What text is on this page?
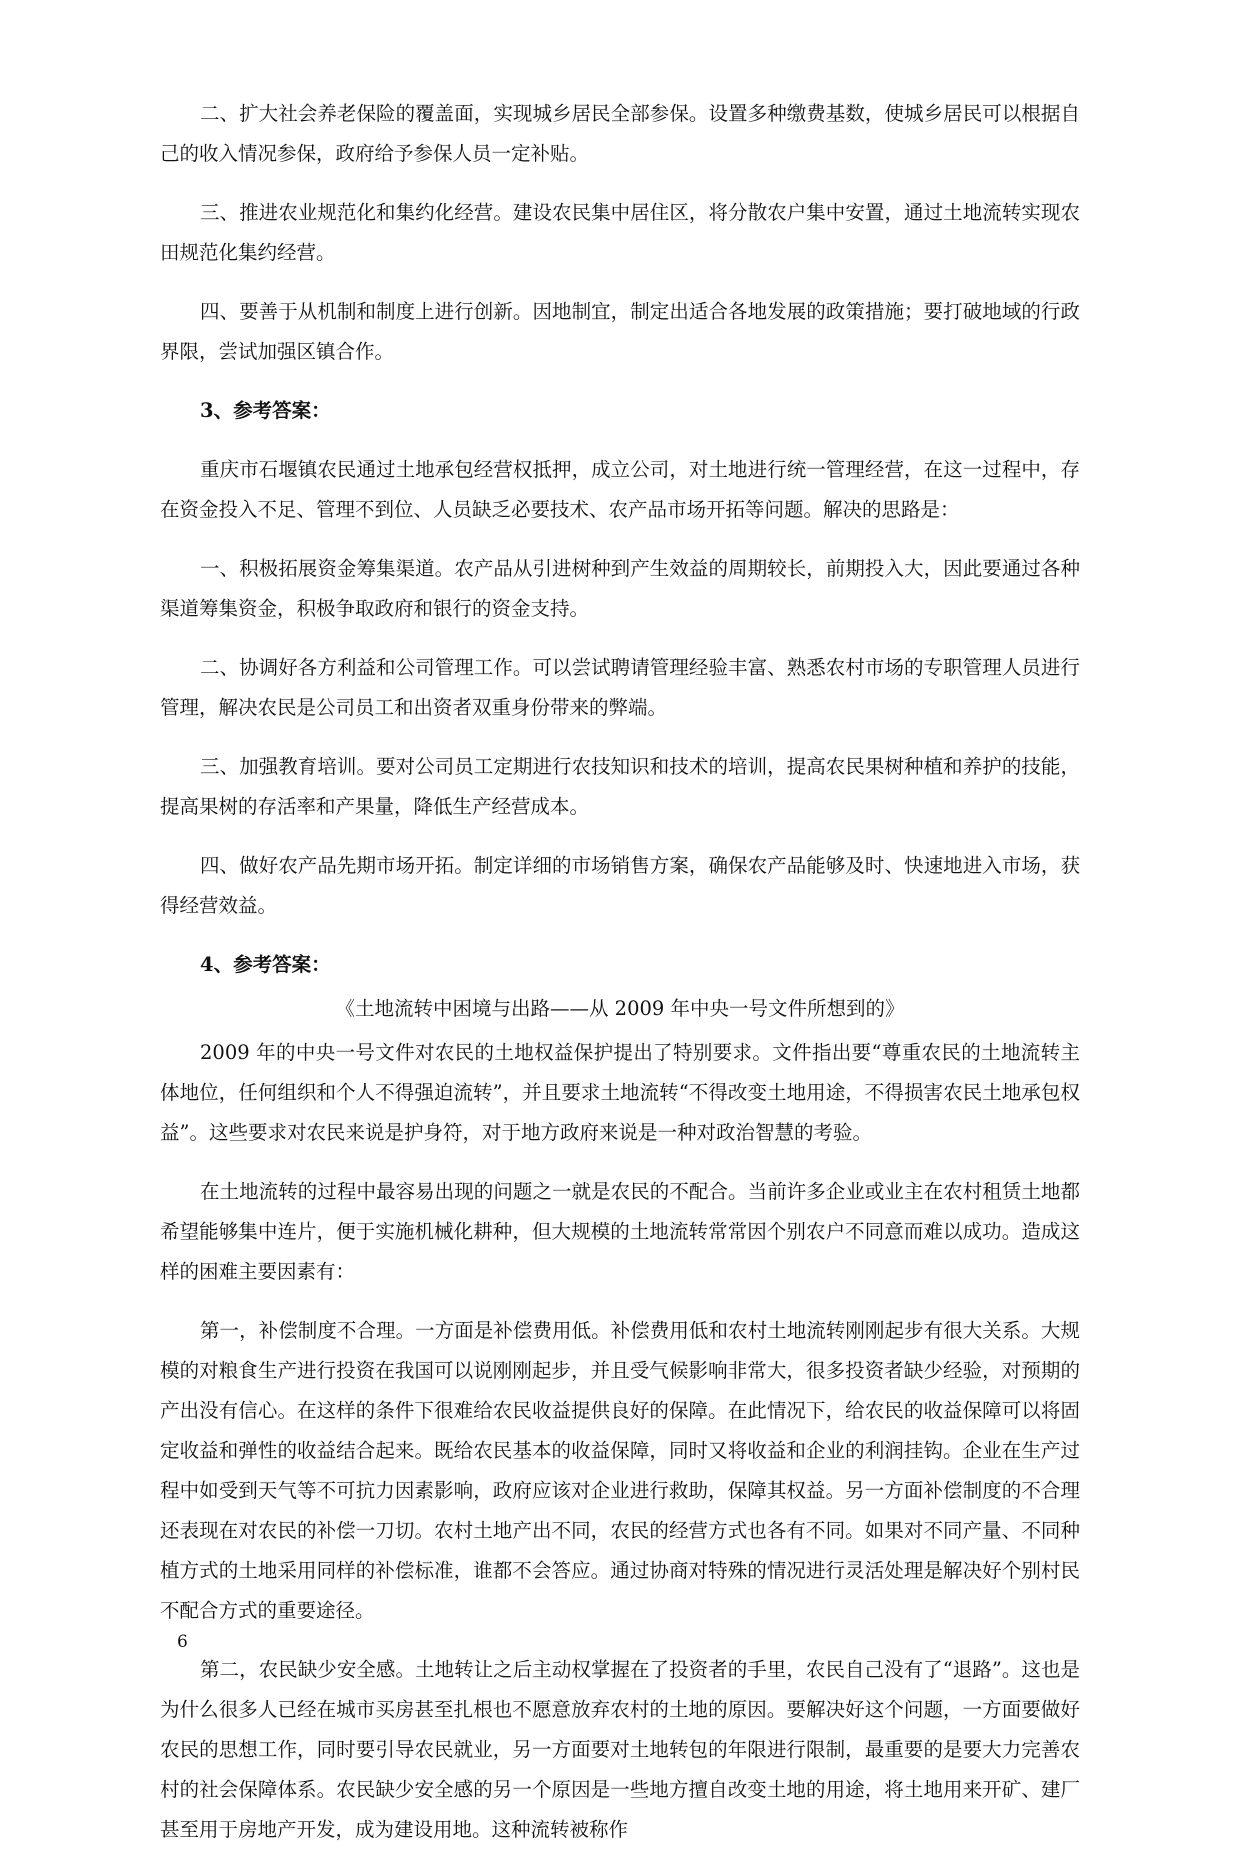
二、扩大社会养老保险的覆盖面，实现城乡居民全部参保。设置多种缴费基数，使城乡居民可以根据自己的收入情况参保，政府给予参保人员一定补贴。

三、推进农业规范化和集约化经营。建设农民集中居住区，将分散农户集中安置，通过土地流转实现农田规范化集约经营。

四、要善于从机制和制度上进行创新。因地制宜，制定出适合各地发展的政策措施；要打破地域的行政界限，尝试加强区镇合作。

3、参考答案：

重庆市石堰镇农民通过土地承包经营权抵押，成立公司，对土地进行统一管理经营，在这一过程中，存在资金投入不足、管理不到位、人员缺乏必要技术、农产品市场开拓等问题。解决的思路是：

一、积极拓展资金筹集渠道。农产品从引进树种到产生效益的周期较长，前期投入大，因此要通过各种渠道筹集资金，积极争取政府和银行的资金支持。

二、协调好各方利益和公司管理工作。可以尝试聘请管理经验丰富、熟悉农村市场的专职管理人员进行管理，解决农民是公司员工和出资者双重身份带来的弊端。

三、加强教育培训。要对公司员工定期进行农技知识和技术的培训，提高农民果树种植和养护的技能，提高果树的存活率和产果量，降低生产经营成本。

四、做好农产品先期市场开拓。制定详细的市场销售方案，确保农产品能够及时、快速地进入市场，获得经营效益。

4、参考答案：

《土地流转中困境与出路——从 2009 年中央一号文件所想到的》

2009 年的中央一号文件对农民的土地权益保护提出了特别要求。文件指出要“尊重农民的土地流转主体地位，任何组织和个人不得强迫流转”，并且要求土地流转“不得改变土地用途，不得损害农民土地承包权益”。这些要求对农民来说是护身符，对于地方政府来说是一种对政治智慧的考验。

在土地流转的过程中最容易出现的问题之一就是农民的不配合。当前许多企业或业主在农村租赁土地都希望能够集中连片，便于实施机械化耕种，但大规模的土地流转常常因个别农户不同意而难以成功。造成这样的困难主要因素有：

第一，补偿制度不合理。一方面是补偿费用低。补偿费用低和农村土地流转刚刚起步有很大关系。大规模的对粮食生产进行投资在我国可以说刚刚起步，并且受气候影响非常大，很多投资者缺少经验，对预期的产出没有信心。在这样的条件下很难给农民收益提供良好的保障。在此情况下，给农民的收益保障可以将固定收益和弹性的收益结合起来。既给农民基本的收益保障，同时又将收益和企业的利润挂钩。企业在生产过程中如受到天气等不可抗力因素影响，政府应该对企业进行救助，保障其权益。另一方面补偿制度的不合理还表现在对农民的补偿一刀切。农村土地产出不同，农民的经营方式也各有不同。如果对不同产量、不同种植方式的土地采用同样的补偿标准，谁都不会答应。通过协商对特殊的情况进行灵活处理是解决好个别村民不配合方式的重要途径。

第二，农民缺少安全感。土地转让之后主动权掌握在了投资者的手里，农民自己没有了“退路”。这也是为什么很多人已经在城市买房甚至扎根也不愿意放弃农村的土地的原因。要解决好这个问题，一方面要做好农民的思想工作，同时要引导农民就业，另一方面要对土地转包的年限进行限制，最重要的是要大力完善农村的社会保障体系。农民缺少安全感的另一个原因是一些地方擅自改变土地的用途，将土地用来开矿、建厂甚至用于房地产开发，成为建设用地。这种流转被称作

6
